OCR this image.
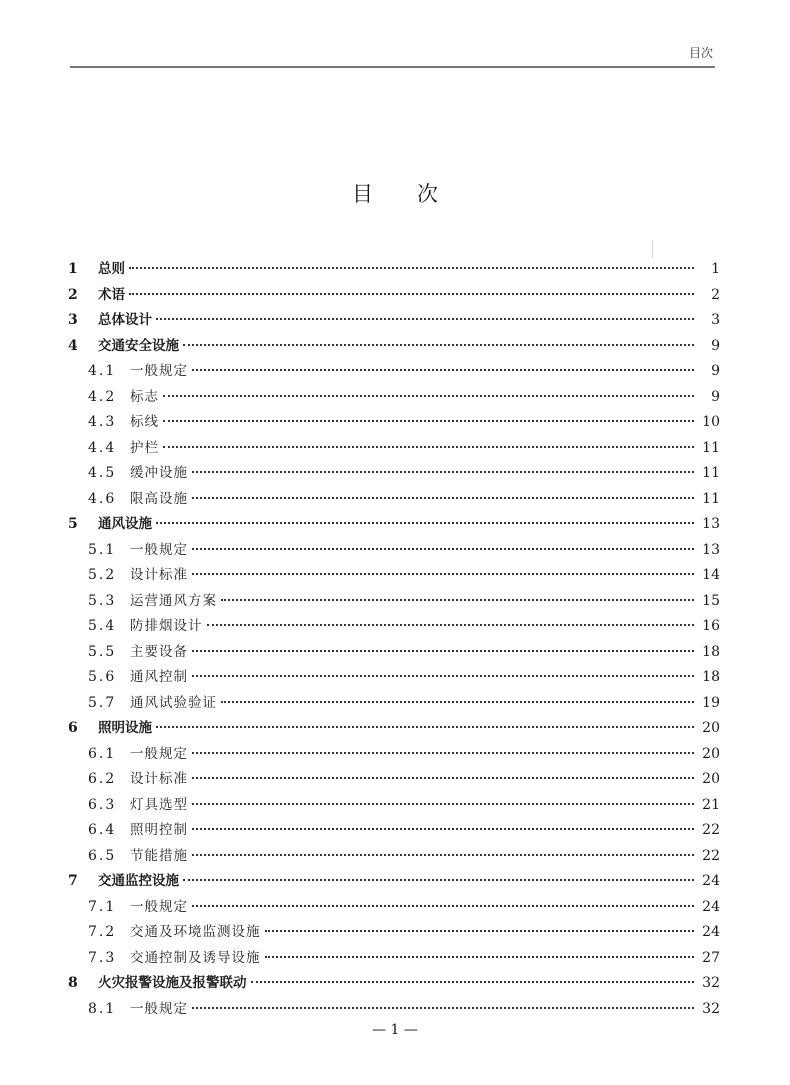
目次
目次
1	总则	1
2	术语	2
3	总体设计	3
4	交通安全设施	9
4.1	一般规定	9
4.2	标志	9
4.3	标线	10
4.4	护栏	11
4.5	缓冲设施	11
4.6	限高设施	11
5	通风设施	13
5.1	一般规定	13
5.2	设计标准	14
5.3	运营通风方案	15
5.4	防排烟设计	16
5.5	主要设备	18
5.6	通风控制	18
5.7	通风试验验证	19
6	照明设施	20
6.1	一般规定	20
6.2	设计标准	20
6.3	灯具选型	21
6.4	照明控制	22
6.5	节能措施	22
7	交通监控设施	24
7.1	一般规定	24
7.2	交通及环境监测设施	24
7.3	交通控制及诱导设施	27
8	火灾报警设施及报警联动	32
8.1	一般规定	32
— 1 —
